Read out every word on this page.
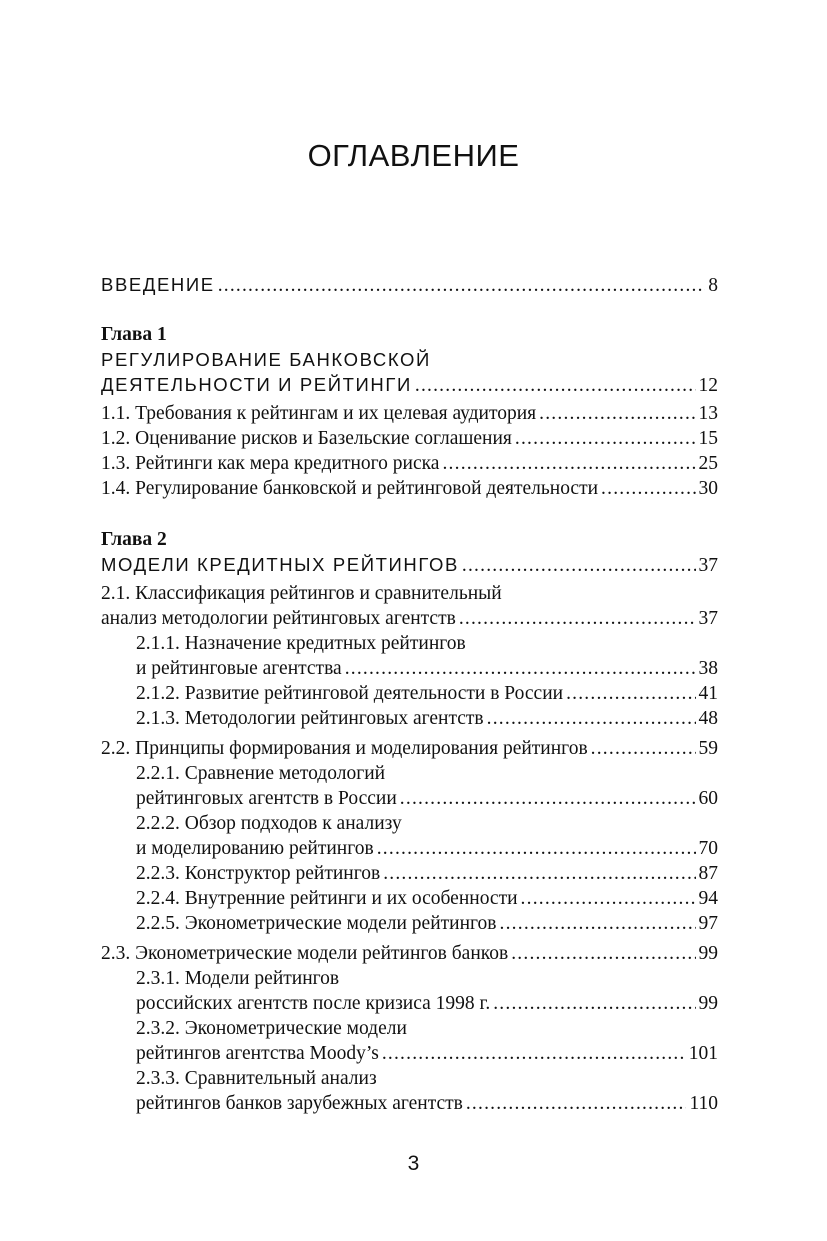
ОГЛАВЛЕНИЕ
ВВЕДЕНИЕ .....	8
Глава 1
РЕГУЛИРОВАНИЕ БАНКОВСКОЙ
ДЕЯТЕЛЬНОСТИ И РЕЙТИНГИ .....	12
1.1. Требования к рейтингам и их целевая аудитория .....	13
1.2. Оценивание рисков и Базельские соглашения .....	15
1.3. Рейтинги как мера кредитного риска .....	25
1.4. Регулирование банковской и рейтинговой деятельности .....	30
Глава 2
МОДЕЛИ КРЕДИТНЫХ РЕЙТИНГОВ .....	37
2.1. Классификация рейтингов и сравнительный
анализ методологии рейтинговых агентств .....	37
2.1.1. Назначение кредитных рейтингов
и рейтинговые агентства .....	38
2.1.2. Развитие рейтинговой деятельности в России .....	41
2.1.3. Методологии рейтинговых агентств .....	48
2.2. Принципы формирования и моделирования рейтингов .....	59
2.2.1. Сравнение методологий
рейтинговых агентств в России .....	60
2.2.2. Обзор подходов к анализу
и моделированию рейтингов .....	70
2.2.3. Конструктор рейтингов .....	87
2.2.4. Внутренние рейтинги и их особенности .....	94
2.2.5. Эконометрические модели рейтингов .....	97
2.3. Эконометрические модели рейтингов банков .....	99
2.3.1. Модели рейтингов
российских агентств после кризиса 1998 г. .....	99
2.3.2. Эконометрические модели
рейтингов агентства Moody’s .....	101
2.3.3. Сравнительный анализ
рейтингов банков зарубежных агентств .....	110
3
